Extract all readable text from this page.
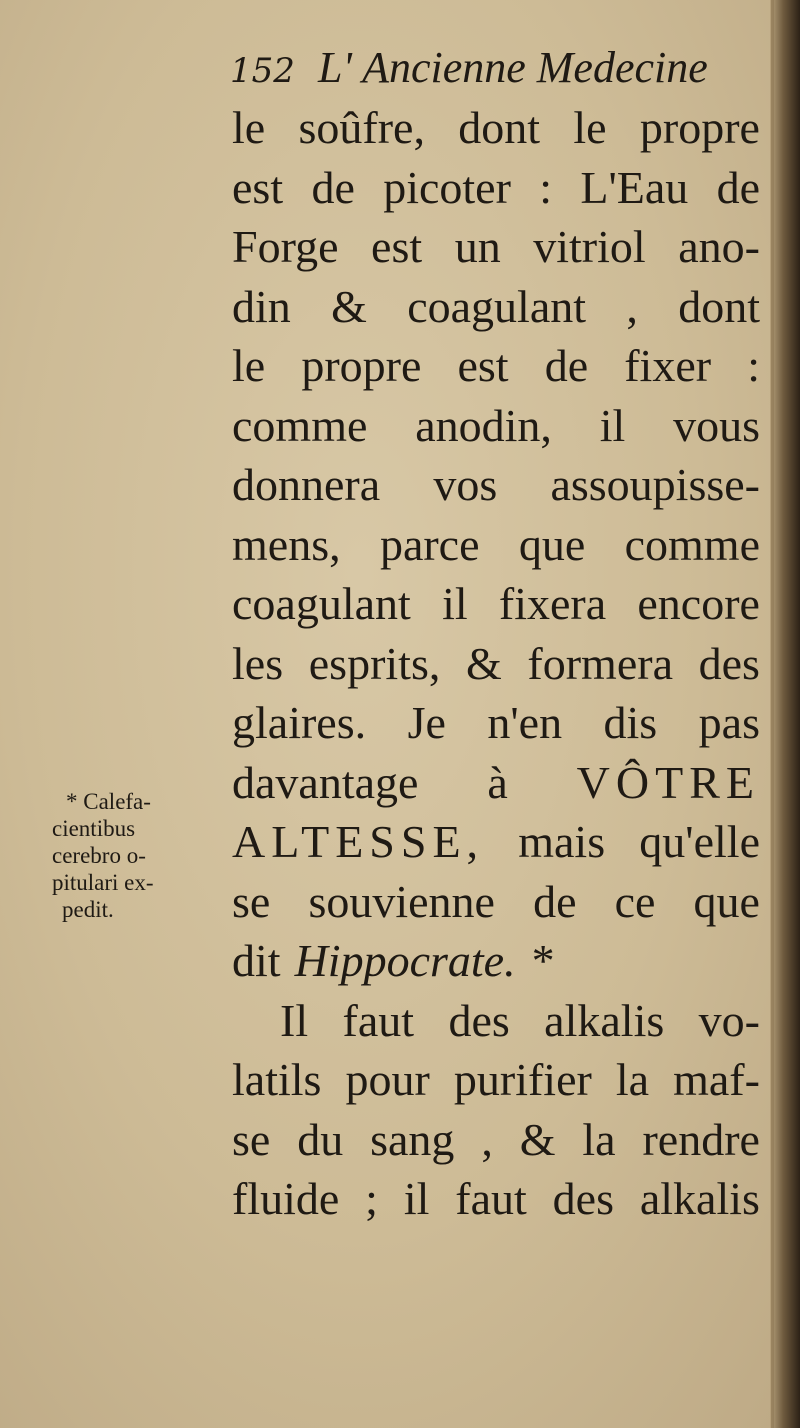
152 L' Ancienne Medecine
le soûfre, dont le propre
est de picoter : L'Eau de
Forge est un vitriol ano-
din & coagulant , dont
le propre est de fixer :
comme anodin, il vous
donnera vos assoupisse-
mens, parce que comme
coagulant il fixera encore
les esprits, & formera des
glaires. Je n'en dis pas
davantage à VÔTRE
ALTESSE, mais qu'elle
se souvienne de ce que
dit Hippocrate. *
Il faut des alkalis vo-
latils pour purifier la maf-
se du sang , & la rendre
fluide ; il faut des alkalis
* Calefa-
cientibus
cerebro o-
pitulari ex-
pedit.
